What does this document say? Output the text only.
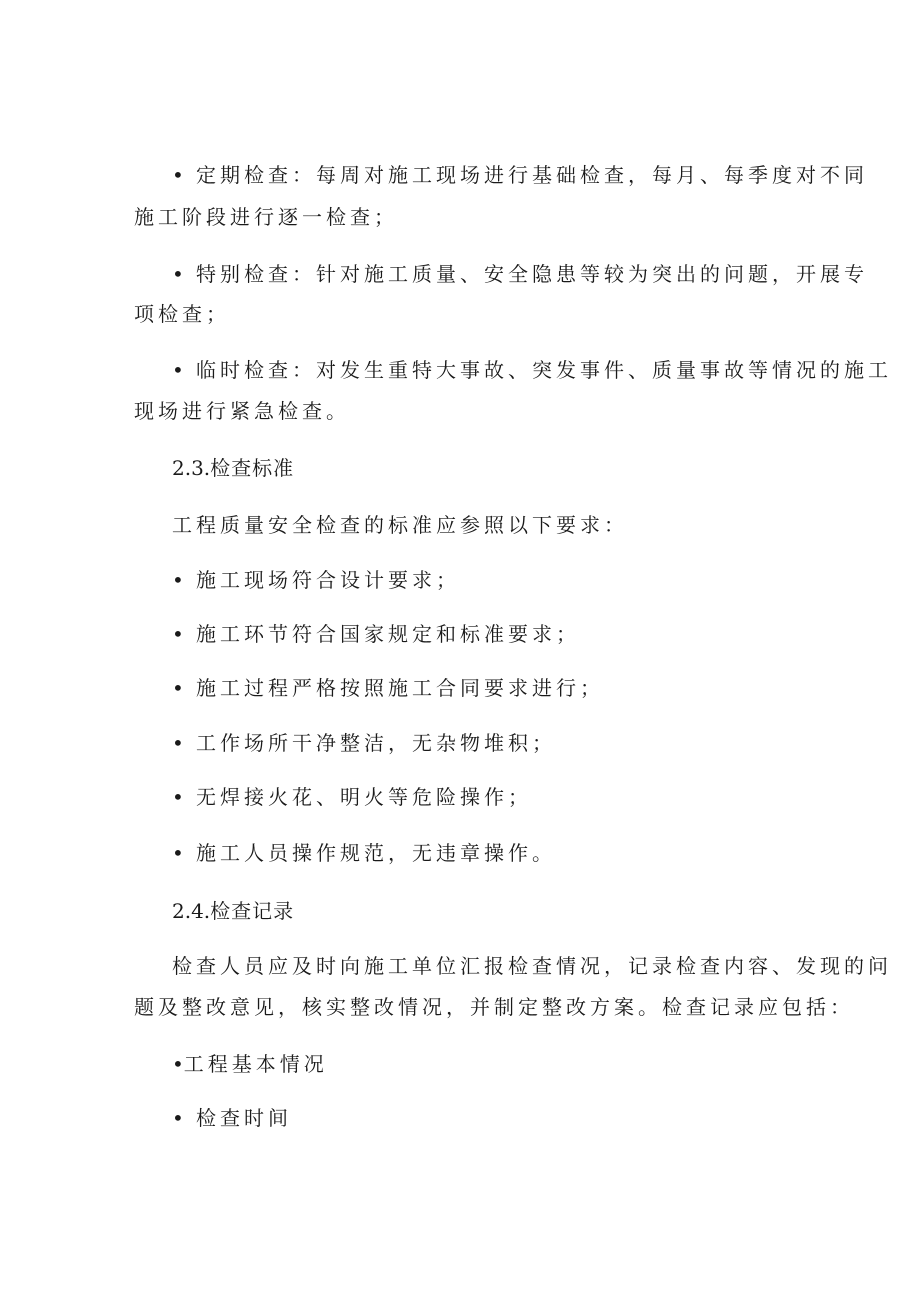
• 定期检查：每周对施工现场进行基础检查，每月、每季度对不同
施工阶段进行逐一检查；
• 特别检查：针对施工质量、安全隐患等较为突出的问题，开展专
项检查；
• 临时检查：对发生重特大事故、突发事件、质量事故等情况的施工
现场进行紧急检查。
2.3.检查标准
工程质量安全检查的标准应参照以下要求：
• 施工现场符合设计要求；
• 施工环节符合国家规定和标准要求；
• 施工过程严格按照施工合同要求进行；
• 工作场所干净整洁，无杂物堆积；
• 无焊接火花、明火等危险操作；
• 施工人员操作规范，无违章操作。
2.4.检查记录
检查人员应及时向施工单位汇报检查情况，记录检查内容、发现的问
题及整改意见，核实整改情况，并制定整改方案。检查记录应包括：
•工程基本情况
• 检查时间
